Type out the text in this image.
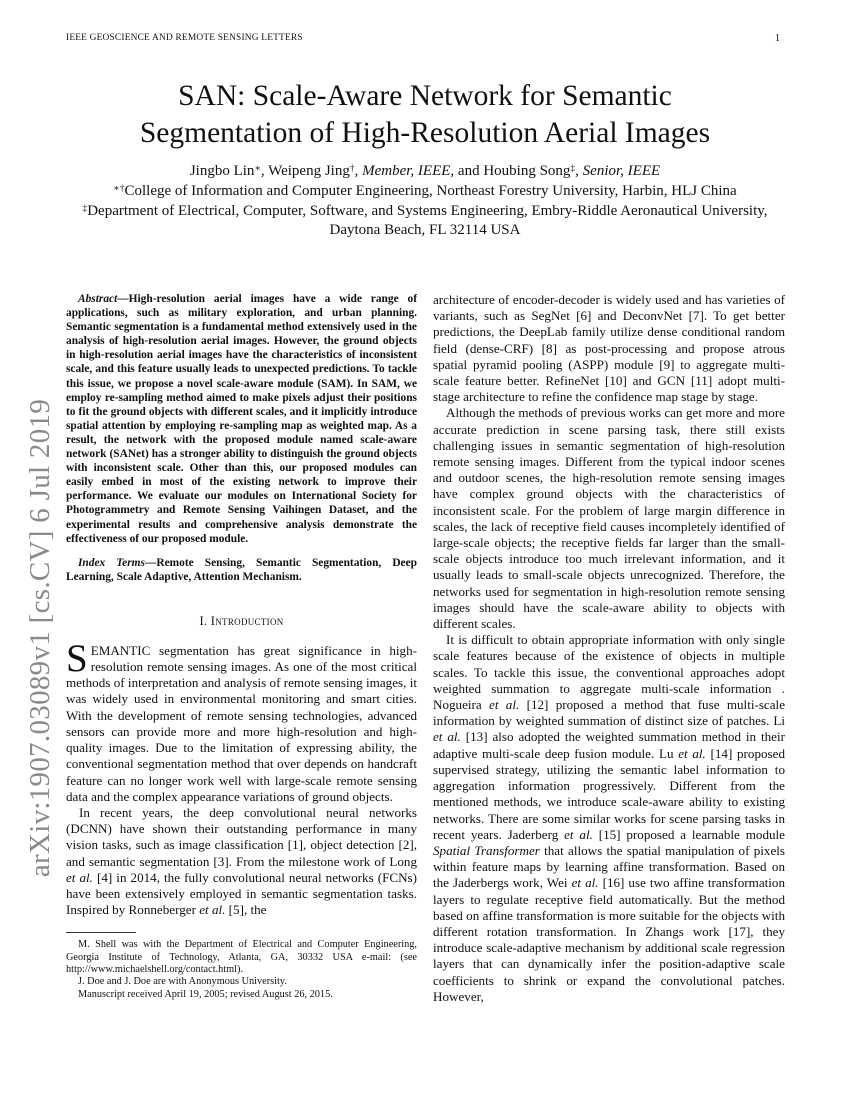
IEEE GEOSCIENCE AND REMOTE SENSING LETTERS	1
SAN: Scale-Aware Network for Semantic
Segmentation of High-Resolution Aerial Images
Jingbo Lin∗, Weipeng Jing†, Member, IEEE, and Houbing Song‡, Senior, IEEE
∗†College of Information and Computer Engineering, Northeast Forestry University, Harbin, HLJ China
‡Department of Electrical, Computer, Software, and Systems Engineering, Embry-Riddle Aeronautical University,
Daytona Beach, FL 32114 USA
arXiv:1907.03089v1 [cs.CV] 6 Jul 2019

Abstract—High-resolution aerial images have a wide range of applications, such as military exploration, and urban planning. Semantic segmentation is a fundamental method extensively used in the analysis of high-resolution aerial images. However, the ground objects in high-resolution aerial images have the characteristics of inconsistent scale, and this feature usually leads to unexpected predictions. To tackle this issue, we propose a novel scale-aware module (SAM). In SAM, we employ re-sampling method aimed to make pixels adjust their positions to fit the ground objects with different scales, and it implicitly introduce spatial attention by employing re-sampling map as weighted map. As a result, the network with the proposed module named scale-aware network (SANet) has a stronger ability to distinguish the ground objects with inconsistent scale. Other than this, our proposed modules can easily embed in most of the existing network to improve their performance. We evaluate our modules on International Society for Photogrammetry and Remote Sensing Vaihingen Dataset, and the experimental results and comprehensive analysis demonstrate the effectiveness of our proposed module.

Index Terms—Remote Sensing, Semantic Segmentation, Deep Learning, Scale Adaptive, Attention Mechanism.

I. Introduction

SEMANTIC segmentation has great significance in high-resolution remote sensing images. As one of the most critical methods of interpretation and analysis of remote sensing images, it was widely used in environmental monitoring and smart cities. With the development of remote sensing technologies, advanced sensors can provide more and more high-resolution and high-quality images. Due to the limitation of expressing ability, the conventional segmentation method that over depends on handcraft feature can no longer work well with large-scale remote sensing data and the complex appearance variations of ground objects.

In recent years, the deep convolutional neural networks (DCNN) have shown their outstanding performance in many vision tasks, such as image classification [1], object detection [2], and semantic segmentation [3]. From the milestone work of Long et al. [4] in 2014, the fully convolutional neural networks (FCNs) have been extensively employed in semantic segmentation tasks. Inspired by Ronneberger et al. [5], the

M. Shell was with the Department of Electrical and Computer Engineering, Georgia Institute of Technology, Atlanta, GA, 30332 USA e-mail: (see http://www.michaelshell.org/contact.html).

J. Doe and J. Doe are with Anonymous University.

Manuscript received April 19, 2005; revised August 26, 2015.

architecture of encoder-decoder is widely used and has varieties of variants, such as SegNet [6] and DeconvNet [7]. To get better predictions, the DeepLab family utilize dense conditional random field (dense-CRF) [8] as post-processing and propose atrous spatial pyramid pooling (ASPP) module [9] to aggregate multi-scale feature better. RefineNet [10] and GCN [11] adopt multi-stage architecture to refine the confidence map stage by stage.

Although the methods of previous works can get more and more accurate prediction in scene parsing task, there still exists challenging issues in semantic segmentation of high-resolution remote sensing images. Different from the typical indoor scenes and outdoor scenes, the high-resolution remote sensing images have complex ground objects with the characteristics of inconsistent scale. For the problem of large margin difference in scales, the lack of receptive field causes incompletely identified of large-scale objects; the receptive fields far larger than the small-scale objects introduce too much irrelevant information, and it usually leads to small-scale objects unrecognized. Therefore, the networks used for segmentation in high-resolution remote sensing images should have the scale-aware ability to objects with different scales.

It is difficult to obtain appropriate information with only single scale features because of the existence of objects in multiple scales. To tackle this issue, the conventional approaches adopt weighted summation to aggregate multi-scale information . Nogueira et al. [12] proposed a method that fuse multi-scale information by weighted summation of distinct size of patches. Li et al. [13] also adopted the weighted summation method in their adaptive multi-scale deep fusion module. Lu et al. [14] proposed supervised strategy, utilizing the semantic label information to aggregation information progressively. Different from the mentioned methods, we introduce scale-aware ability to existing networks. There are some similar works for scene parsing tasks in recent years. Jaderberg et al. [15] proposed a learnable module Spatial Transformer that allows the spatial manipulation of pixels within feature maps by learning affine transformation. Based on the Jaderbergs work, Wei et al. [16] use two affine transformation layers to regulate receptive field automatically. But the method based on affine transformation is more suitable for the objects with different rotation transformation. In Zhangs work [17], they introduce scale-adaptive mechanism by additional scale regression layers that can dynamically infer the position-adaptive scale coefficients to shrink or expand the convolutional patches. However,
